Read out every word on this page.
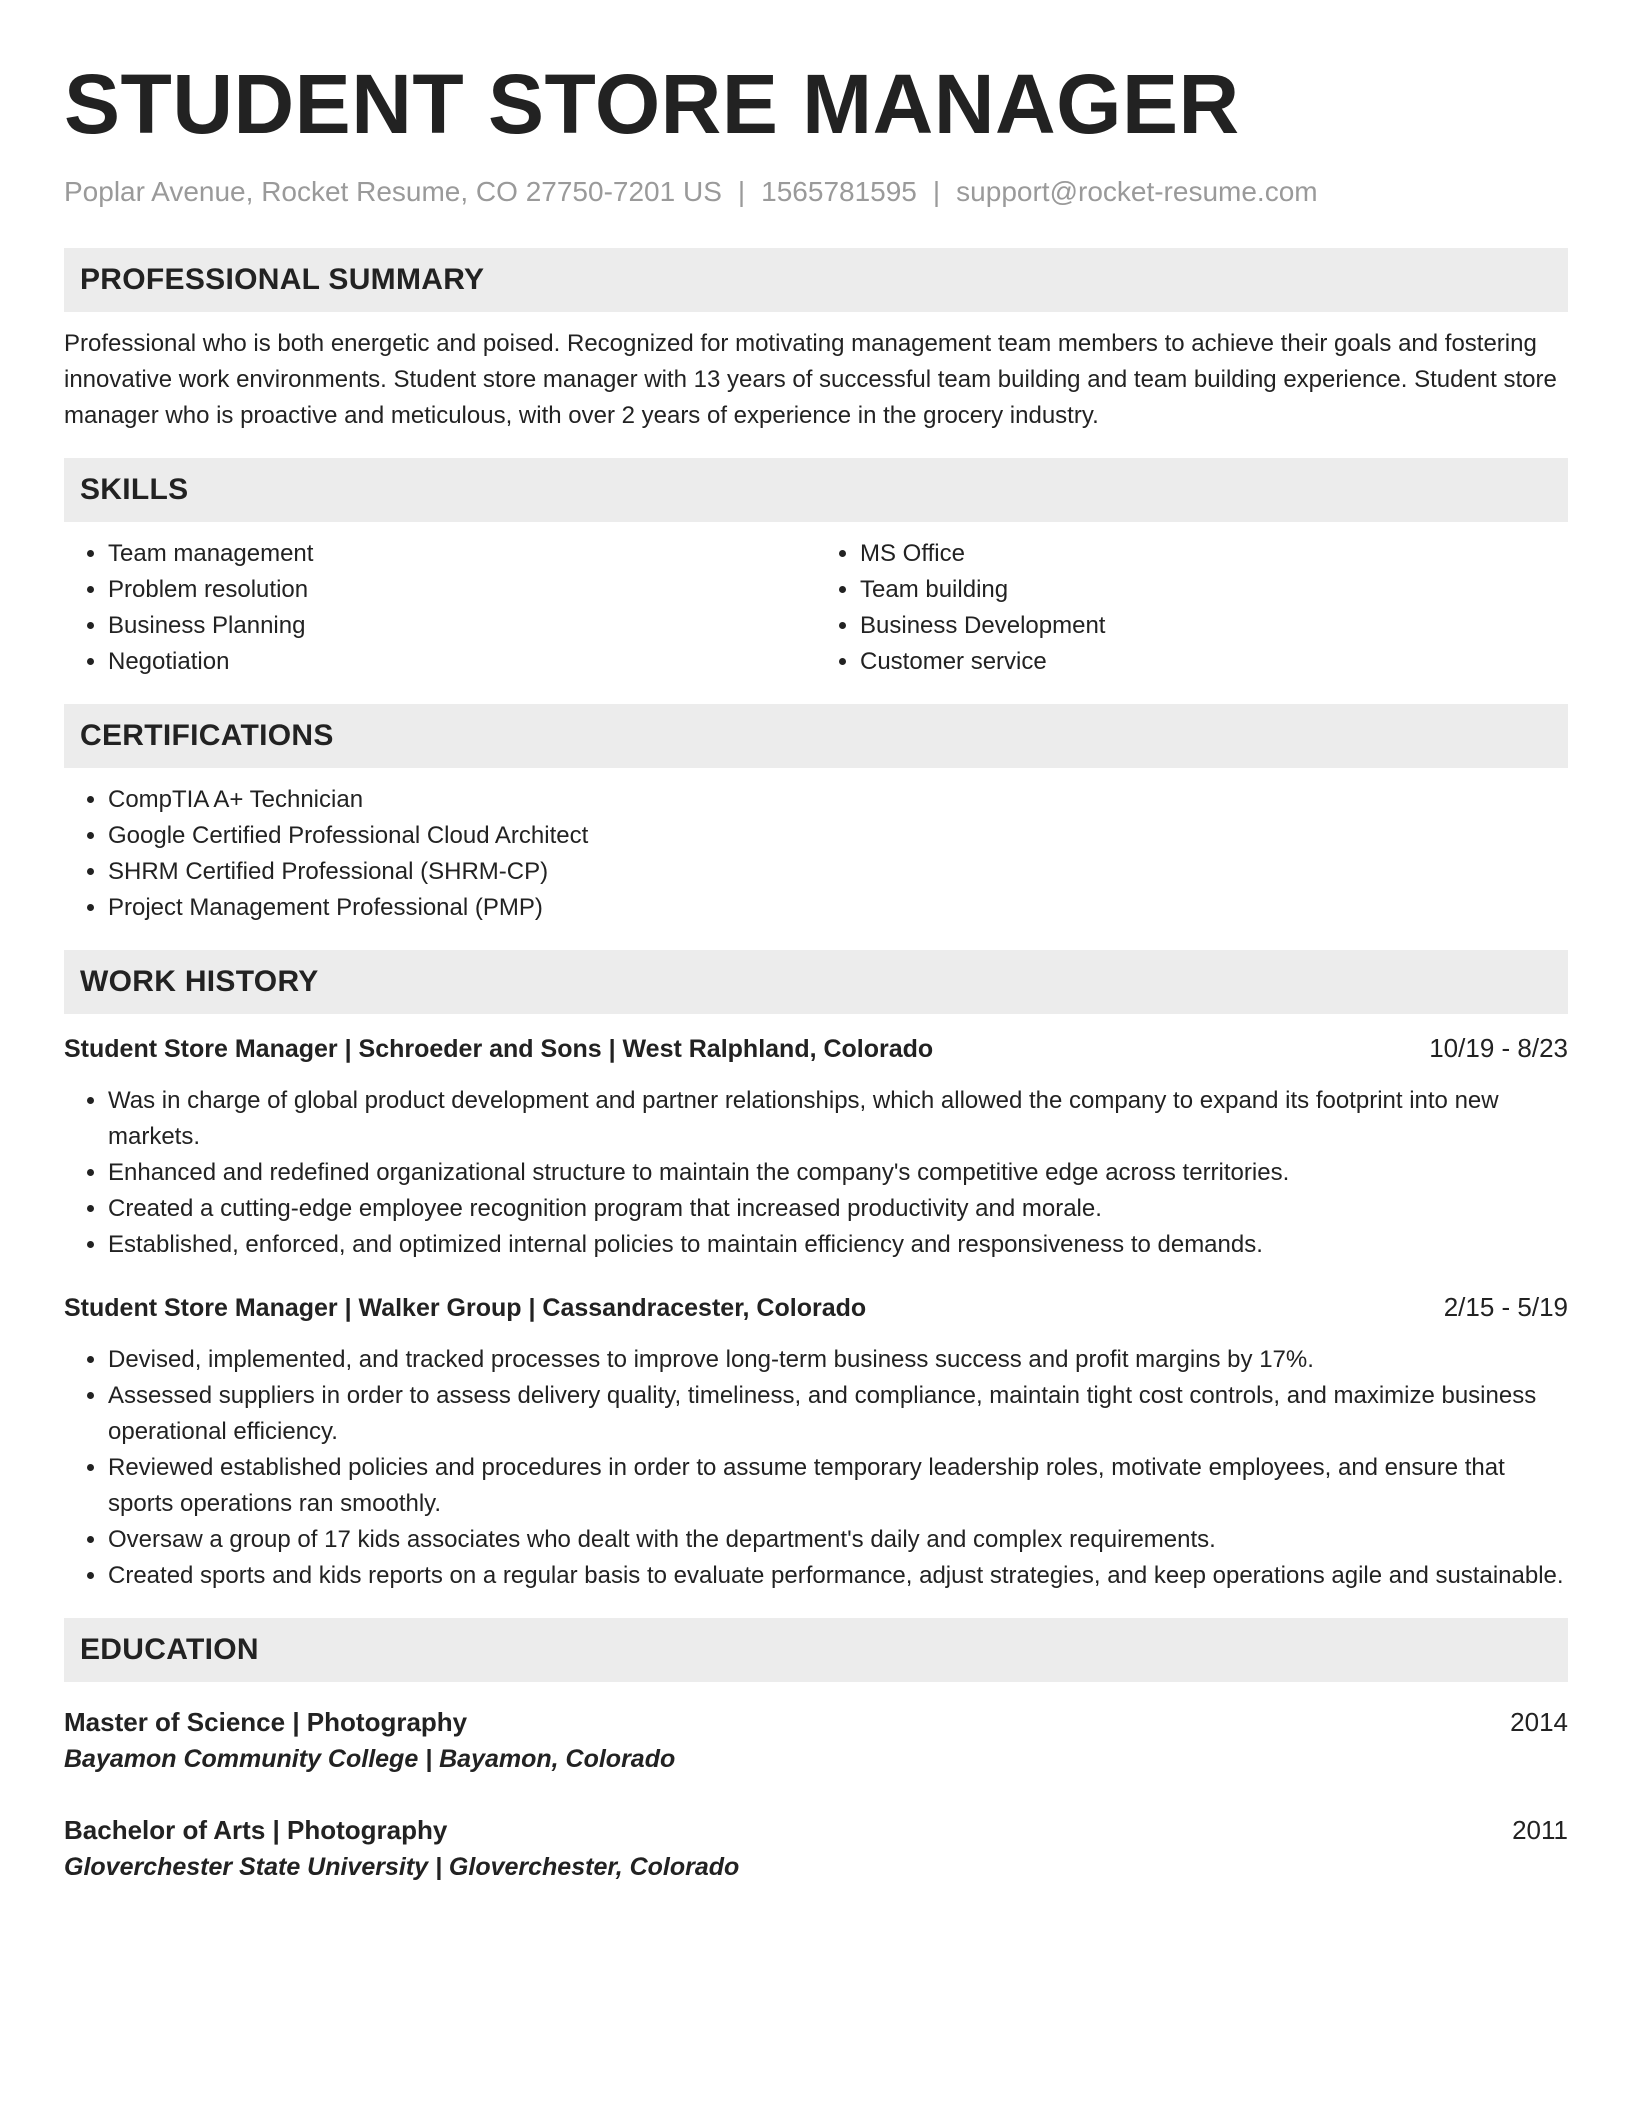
STUDENT STORE MANAGER
Poplar Avenue, Rocket Resume, CO 27750-7201 US | 1565781595 | support@rocket-resume.com
PROFESSIONAL SUMMARY
Professional who is both energetic and poised. Recognized for motivating management team members to achieve their goals and fostering innovative work environments. Student store manager with 13 years of successful team building and team building experience. Student store manager who is proactive and meticulous, with over 2 years of experience in the grocery industry.
SKILLS
• Team management
• Problem resolution
• Business Planning
• Negotiation
• MS Office
• Team building
• Business Development
• Customer service
CERTIFICATIONS
• CompTIA A+ Technician
• Google Certified Professional Cloud Architect
• SHRM Certified Professional (SHRM-CP)
• Project Management Professional (PMP)
WORK HISTORY
Student Store Manager | Schroeder and Sons | West Ralphland, Colorado	10/19 - 8/23
• Was in charge of global product development and partner relationships, which allowed the company to expand its footprint into new markets.
• Enhanced and redefined organizational structure to maintain the company's competitive edge across territories.
• Created a cutting-edge employee recognition program that increased productivity and morale.
• Established, enforced, and optimized internal policies to maintain efficiency and responsiveness to demands.
Student Store Manager | Walker Group | Cassandracester, Colorado	2/15 - 5/19
• Devised, implemented, and tracked processes to improve long-term business success and profit margins by 17%.
• Assessed suppliers in order to assess delivery quality, timeliness, and compliance, maintain tight cost controls, and maximize business operational efficiency.
• Reviewed established policies and procedures in order to assume temporary leadership roles, motivate employees, and ensure that sports operations ran smoothly.
• Oversaw a group of 17 kids associates who dealt with the department's daily and complex requirements.
• Created sports and kids reports on a regular basis to evaluate performance, adjust strategies, and keep operations agile and sustainable.
EDUCATION
Master of Science | Photography	2014
Bayamon Community College | Bayamon, Colorado
Bachelor of Arts | Photography	2011
Gloverchester State University | Gloverchester, Colorado
